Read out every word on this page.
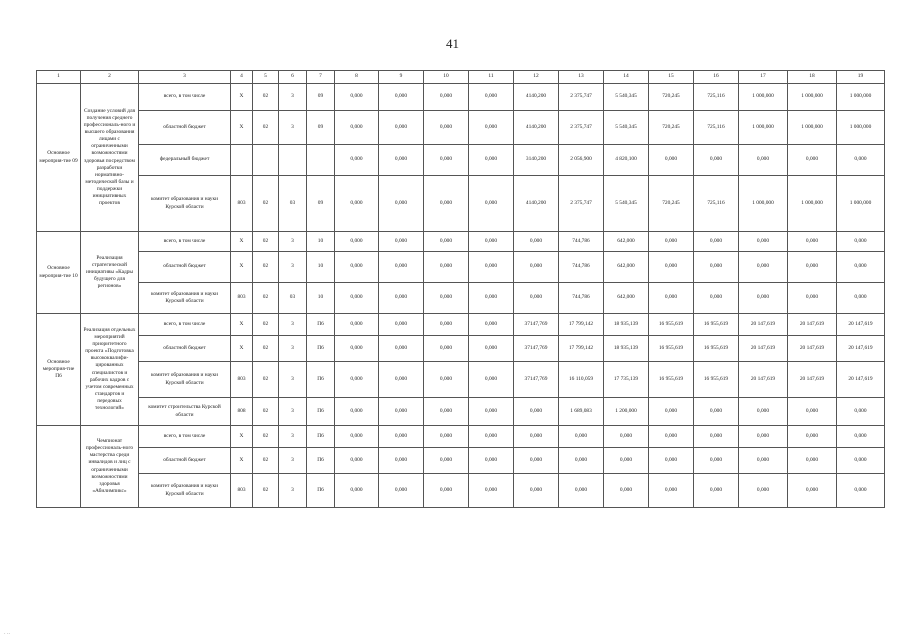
41
1	2	3	4	5	6	7	8	9	10	11	12	13	14	15	16	17	18	19
Основное мероприя-тие 09	Создание условий для получения среднего профессиональ-ного и высшего образования лицами с ограниченными возможностями здоровья посредством разработки нормативно-методической базы и поддержки инициативных проектов	всего, в том числе	Х	02	3	09	0,000	0,000	0,000	0,000	4140,200	2 375,747	5 540,345	720,245	725,116	1 000,000	1 000,000	1 000,000
		областной бюджет	Х	02	3	09	0,000	0,000	0,000	0,000	4140,200	2 375,747	5 540,345	720,245	725,116	1 000,000	1 000,000	1 000,000
		федеральный бюджет					0,000	0,000	0,000	0,000	3140,200	2 056,900	4 820,100	0,000	0,000	0,000	0,000	0,000
		комитет образования и науки Курской области	803	02	03	09	0,000	0,000	0,000	0,000	4140,200	2 375,747	5 540,345	720,245	725,116	1 000,000	1 000,000	1 000,000
Основное мероприя-тие 10	Реализация стратегической инициативы «Кадры будущего для регионов»	всего, в том числе	Х	02	3	10	0,000	0,000	0,000	0,000	0,000	744,786	642,000	0,000	0,000	0,000	0,000	0,000
		областной бюджет	Х	02	3	10	0,000	0,000	0,000	0,000	0,000	744,786	642,000	0,000	0,000	0,000	0,000	0,000
		комитет образования и науки Курской области	803	02	03	10	0,000	0,000	0,000	0,000	0,000	744,786	642,000	0,000	0,000	0,000	0,000	0,000
Основное мероприя-тие П6	Реализация отдельных мероприятий приоритетного проекта «Подготовка высококвалифи-цированных специалистов и рабочих кадров с учетом современных стандартов и передовых технологий»	всего, в том числе	Х	02	3	П6	0,000	0,000	0,000	0,000	37147,769	17 799,142	18 935,139	16 955,619	16 955,619	20 147,619	20 147,619	20 147,619
		областной бюджет	Х	02	3	П6	0,000	0,000	0,000	0,000	37147,769	17 799,142	18 935,139	16 955,619	16 955,619	20 147,619	20 147,619	20 147,619
		комитет образования и науки Курской области	803	02	3	П6	0,000	0,000	0,000	0,000	37147,769	16 110,059	17 735,139	16 955,619	16 955,619	20 147,619	20 147,619	20 147,619
		комитет строительства Курской области	808	02	3	П6	0,000	0,000	0,000	0,000	0,000	1 689,083	1 200,000	0,000	0,000	0,000	0,000	0,000
	Чемпионат профессиональ-ного мастерства среди инвалидов и лиц с ограниченными возможностями здоровья «Абилимпикс»	всего, в том числе	Х	02	3	П6	0,000	0,000	0,000	0,000	0,000	0,000	0,000	0,000	0,000	0,000	0,000	0,000
		областной бюджет	Х	02	3	П6	0,000	0,000	0,000	0,000	0,000	0,000	0,000	0,000	0,000	0,000	0,000	0,000
		комитет образования и науки Курской области	803	02	3	П6	0,000	0,000	0,000	0,000	0,000	0,000	0,000	0,000	0,000	0,000	0,000	0,000
. ..
